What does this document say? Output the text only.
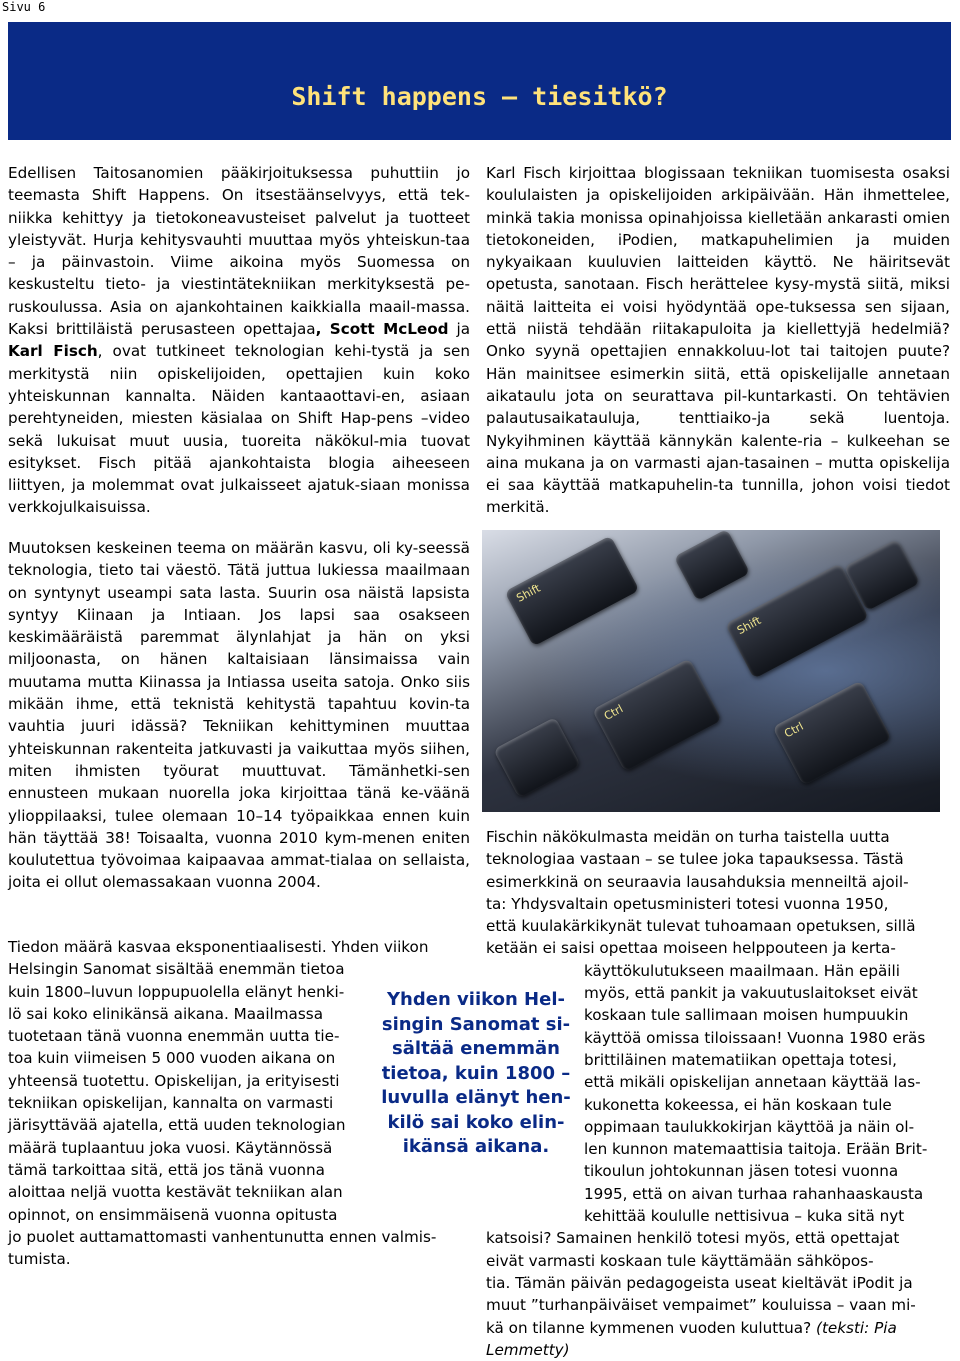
Sivu 6
Shift happens – tiesitkö?

Edellisen Taitosanomien pääkirjoituksessa puhuttiin jo teemasta Shift Happens. On itsestäänselvyys, että tek-niikka kehittyy ja tietokoneavusteiset palvelut ja tuotteet yleistyvät. Hurja kehitysvauhti muuttaa myös yhteiskun-taa – ja päinvastoin. Viime aikoina myös Suomessa on keskusteltu tieto- ja viestintätekniikan merkityksestä pe-ruskoulussa. Asia on ajankohtainen kaikkialla maail-massa. Kaksi brittiläistä perusasteen opettajaa, Scott McLeod ja Karl Fisch, ovat tutkineet teknologian kehi-tystä ja sen merkitystä niin opiskelijoiden, opettajien kuin koko yhteiskunnan kannalta. Näiden kantaaottavi-en, asiaan perehtyneiden, miesten käsialaa on Shift Hap-pens –video sekä lukuisat muut uusia, tuoreita näkökul-mia tuovat esitykset. Fisch pitää ajankohtaista blogia aiheeseen liittyen, ja molemmat ovat julkaisseet ajatuk-siaan monissa verkkojulkaisuissa.

Muutoksen keskeinen teema on määrän kasvu, oli ky-seessä teknologia, tieto tai väestö. Tätä juttua lukiessa maailmaan on syntynyt useampi sata lasta. Suurin osa näistä lapsista syntyy Kiinaan ja Intiaan. Jos lapsi saa osakseen keskimääräistä paremmat älynlahjat ja hän on yksi miljoonasta, on hänen kaltaisiaan länsimaissa vain muutama mutta Kiinassa ja Intiassa useita satoja. Onko siis mikään ihme, että teknistä kehitystä tapahtuu kovin-ta vauhtia juuri idässä? Tekniikan kehittyminen muuttaa yhteiskunnan rakenteita jatkuvasti ja vaikuttaa myös siihen, miten ihmisten työurat muuttuvat. Tämänhetki-sen ennusteen mukaan nuorella joka kirjoittaa tänä ke-väänä ylioppilaaksi, tulee olemaan 10–14 työpaikkaa ennen kuin hän täyttää 38! Toisaalta, vuonna 2010 kym-menen eniten koulutettua työvoimaa kaipaavaa ammat-tialaa on sellaista, joita ei ollut olemassakaan vuonna 2004.

Tiedon määrä kasvaa eksponentiaalisesti. Yhden viikon
Helsingin Sanomat sisältää enemmän tietoa
kuin 1800–luvun loppupuolella elänyt henki-
lö sai koko elinikänsä aikana. Maailmassa
tuotetaan tänä vuonna enemmän uutta tie-
toa kuin viimeisen 5 000 vuoden aikana on
yhteensä tuotettu. Opiskelijan, ja erityisesti
tekniikan opiskelijan, kannalta on varmasti
järisyttävää ajatella, että uuden teknologian
määrä tuplaantuu joka vuosi. Käytännössä
tämä tarkoittaa sitä, että jos tänä vuonna
aloittaa neljä vuotta kestävät tekniikan alan
opinnot, on ensimmäisenä vuonna opitusta
jo puolet auttamattomasti vanhentunutta ennen valmis-
tumista.

Karl Fisch kirjoittaa blogissaan tekniikan tuomisesta osaksi koululaisten ja opiskelijoiden arkipäivään. Hän ihmettelee, minkä takia monissa opinahjoissa kielletään ankarasti omien tietokoneiden, iPodien, matkapuhelimien ja muiden nykyaikaan kuuluvien laitteiden käyttö. Ne häiritsevät opetusta, sanotaan. Fisch herättelee kysy-mystä siitä, miksi näitä laitteita ei voisi hyödyntää ope-tuksessa sen sijaan, että niistä tehdään riitakapuloita ja kiellettyjä hedelmiä? Onko syynä opettajien ennakkoluu-lot tai taitojen puute? Hän mainitsee esimerkin siitä, että opiskelijalle annetaan aikataulu jota on seurattava pil-kuntarkasti. On tehtävien palautusaikatauluja, tenttiaiko-ja sekä luentoja. Nykyihminen käyttää kännykän kalente-ria – kulkeehan se aina mukana ja on varmasti ajan-tasainen – mutta opiskelija ei saa käyttää matkapuhelin-ta tunnilla, johon voisi tiedot merkitä.

Shift
Ctrl
Shift
Ctrl
Fischin näkökulmasta meidän on turha taistella uutta
teknologiaa vastaan – se tulee joka tapauksessa. Tästä
esimerkkinä on seuraavia lausahduksia menneiltä ajoil-
ta: Yhdysvaltain opetusministeri totesi vuonna 1950,
että kuulakärkikynät tulevat tuhoamaan opetuksen, sillä
ketään ei saisi opettaa moiseen helppouteen ja kerta-
käyttökulutukseen maailmaan. Hän epäili
myös, että pankit ja vakuutuslaitokset eivät
koskaan tule sallimaan moisen humpuukin
käyttöä omissa tiloissaan! Vuonna 1980 eräs
brittiläinen matematiikan opettaja totesi,
että mikäli opiskelijan annetaan käyttää las-
kukonetta kokeessa, ei hän koskaan tule
oppimaan taulukkokirjan käyttöä ja näin ol-
len kunnon matemaattisia taitoja. Erään Brit-
tikoulun johtokunnan jäsen totesi vuonna
1995, että on aivan turhaa rahanhaaskausta
kehittää koululle nettisivua – kuka sitä nyt
katsoisi? Samainen henkilö totesi myös, että opettajat
eivät varmasti koskaan tule käyttämään sähköpos-
tia. Tämän päivän pedagogeista useat kieltävät iPodit ja
muut ”turhanpäiväiset vempaimet” kouluissa – vaan mi-
kä on tilanne kymmenen vuoden kuluttua? (teksti: Pia Lemmetty)
Yhden viikon Hel-singin Sanomat si-sältää enemmän tietoa, kuin 1800 – luvulla elänyt hen-kilö sai koko elin-ikänsä aikana.
